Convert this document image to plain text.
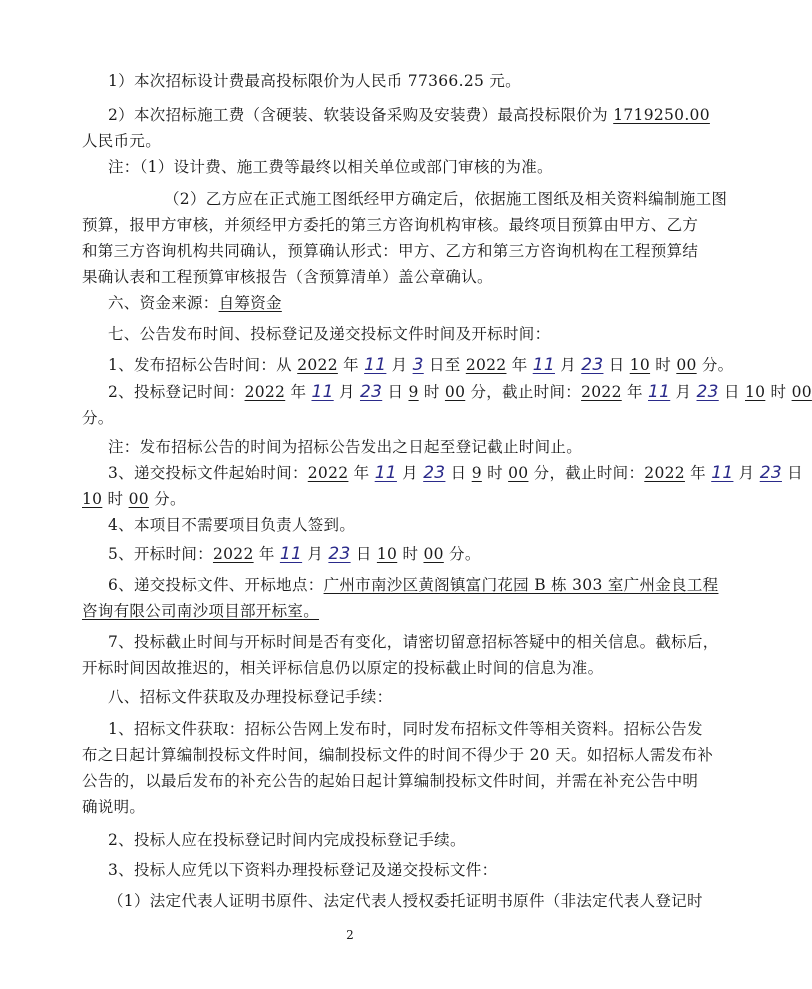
1）本次招标设计费最高投标限价为人民币 77366.25 元。
2）本次招标施工费（含硬装、软装设备采购及安装费）最高投标限价为 1719250.00
人民币元。
注：（1）设计费、施工费等最终以相关单位或部门审核的为准。
（2）乙方应在正式施工图纸经甲方确定后，依据施工图纸及相关资料编制施工图
预算，报甲方审核，并须经甲方委托的第三方咨询机构审核。最终项目预算由甲方、乙方
和第三方咨询机构共同确认，预算确认形式：甲方、乙方和第三方咨询机构在工程预算结
果确认表和工程预算审核报告（含预算清单）盖公章确认。
六、资金来源：自筹资金
七、公告发布时间、投标登记及递交投标文件时间及开标时间：
1、发布招标公告时间：从 2022 年 11 月 3 日至 2022 年 11 月 23 日 10 时 00 分。
2、投标登记时间：2022 年 11 月 23 日 9 时 00 分，截止时间：2022 年 11 月 23 日 10 时 00
分。
注：发布招标公告的时间为招标公告发出之日起至登记截止时间止。
3、递交投标文件起始时间：2022 年 11 月 23 日 9 时 00 分，截止时间：2022 年 11 月 23 日
10 时 00 分。
4、本项目不需要项目负责人签到。
5、开标时间：2022 年 11 月 23 日 10 时 00 分。
6、递交投标文件、开标地点：广州市南沙区黄阁镇富门花园 B 栋 303 室广州金良工程
咨询有限公司南沙项目部开标室。
7、投标截止时间与开标时间是否有变化，请密切留意招标答疑中的相关信息。截标后，
开标时间因故推迟的，相关评标信息仍以原定的投标截止时间的信息为准。
八、招标文件获取及办理投标登记手续：
1、招标文件获取：招标公告网上发布时，同时发布招标文件等相关资料。招标公告发
布之日起计算编制投标文件时间，编制投标文件的时间不得少于 20 天。如招标人需发布补
公告的，以最后发布的补充公告的起始日起计算编制投标文件时间，并需在补充公告中明
确说明。
2、投标人应在投标登记时间内完成投标登记手续。
3、投标人应凭以下资料办理投标登记及递交投标文件：
（1）法定代表人证明书原件、法定代表人授权委托证明书原件（非法定代表人登记时
2
